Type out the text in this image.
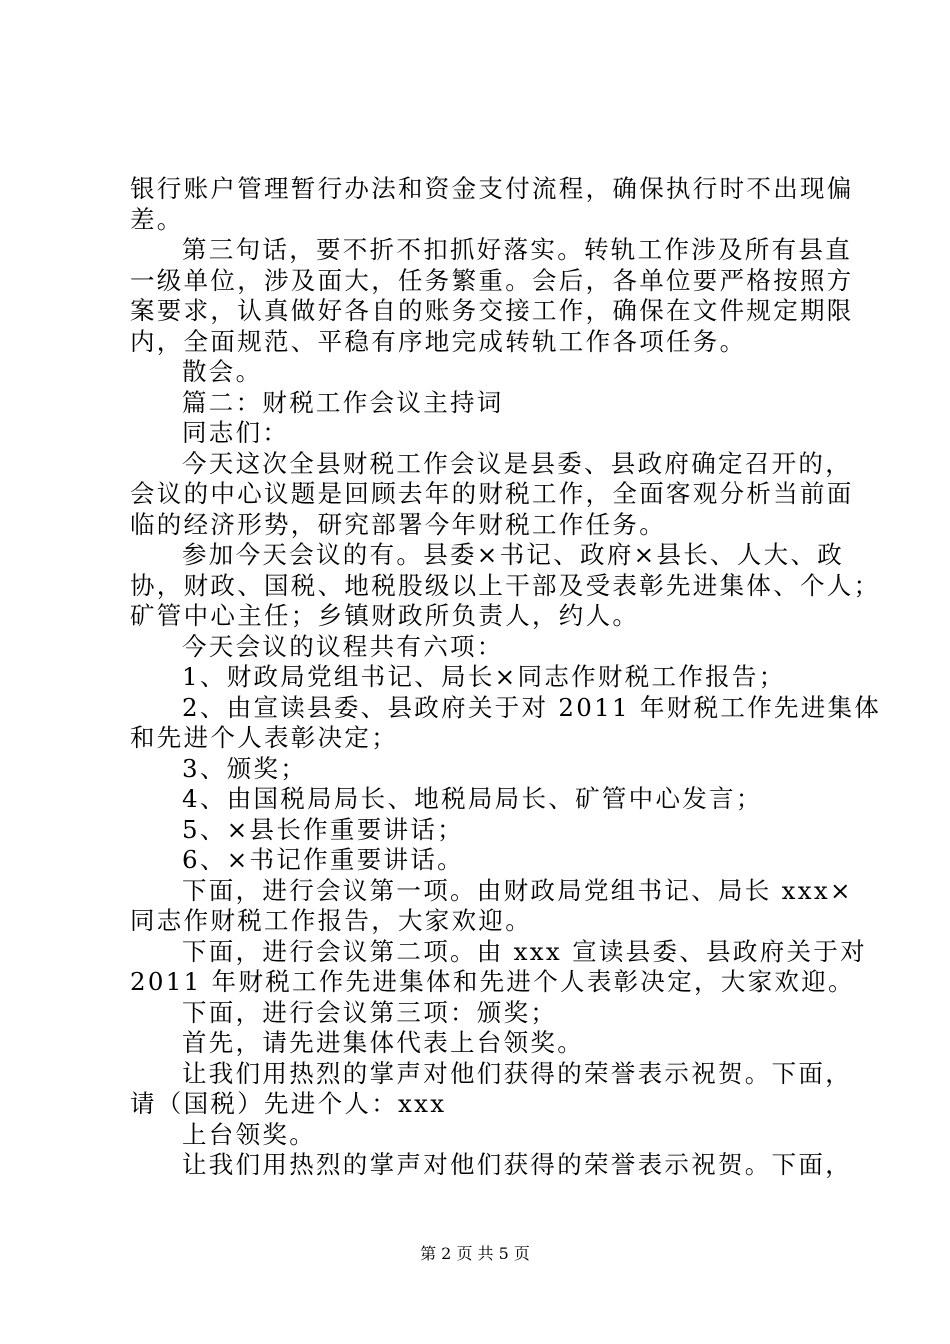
银行账户管理暂行办法和资金支付流程，确保执行时不出现偏
差。
第三句话，要不折不扣抓好落实。转轨工作涉及所有县直
一级单位，涉及面大，任务繁重。会后，各单位要严格按照方
案要求，认真做好各自的账务交接工作，确保在文件规定期限
内，全面规范、平稳有序地完成转轨工作各项任务。
散会。
篇二：财税工作会议主持词
同志们：
今天这次全县财税工作会议是县委、县政府确定召开的，
会议的中心议题是回顾去年的财税工作，全面客观分析当前面
临的经济形势，研究部署今年财税工作任务。
参加今天会议的有。县委×书记、政府×县长、人大、政
协，财政、国税、地税股级以上干部及受表彰先进集体、个人；
矿管中心主任；乡镇财政所负责人，约人。
今天会议的议程共有六项：
1、财政局党组书记、局长×同志作财税工作报告；
2、由宣读县委、县政府关于对 2011 年财税工作先进集体
和先进个人表彰决定；
3、颁奖；
4、由国税局局长、地税局局长、矿管中心发言；
5、×县长作重要讲话；
6、×书记作重要讲话。
下面，进行会议第一项。由财政局党组书记、局长 xxx×
同志作财税工作报告，大家欢迎。
下面，进行会议第二项。由 xxx 宣读县委、县政府关于对
2011 年财税工作先进集体和先进个人表彰决定，大家欢迎。
下面，进行会议第三项：颁奖；
首先，请先进集体代表上台领奖。
让我们用热烈的掌声对他们获得的荣誉表示祝贺。下面，
请（国税）先进个人：xxx
上台领奖。
让我们用热烈的掌声对他们获得的荣誉表示祝贺。下面，
第 2 页 共 5 页
